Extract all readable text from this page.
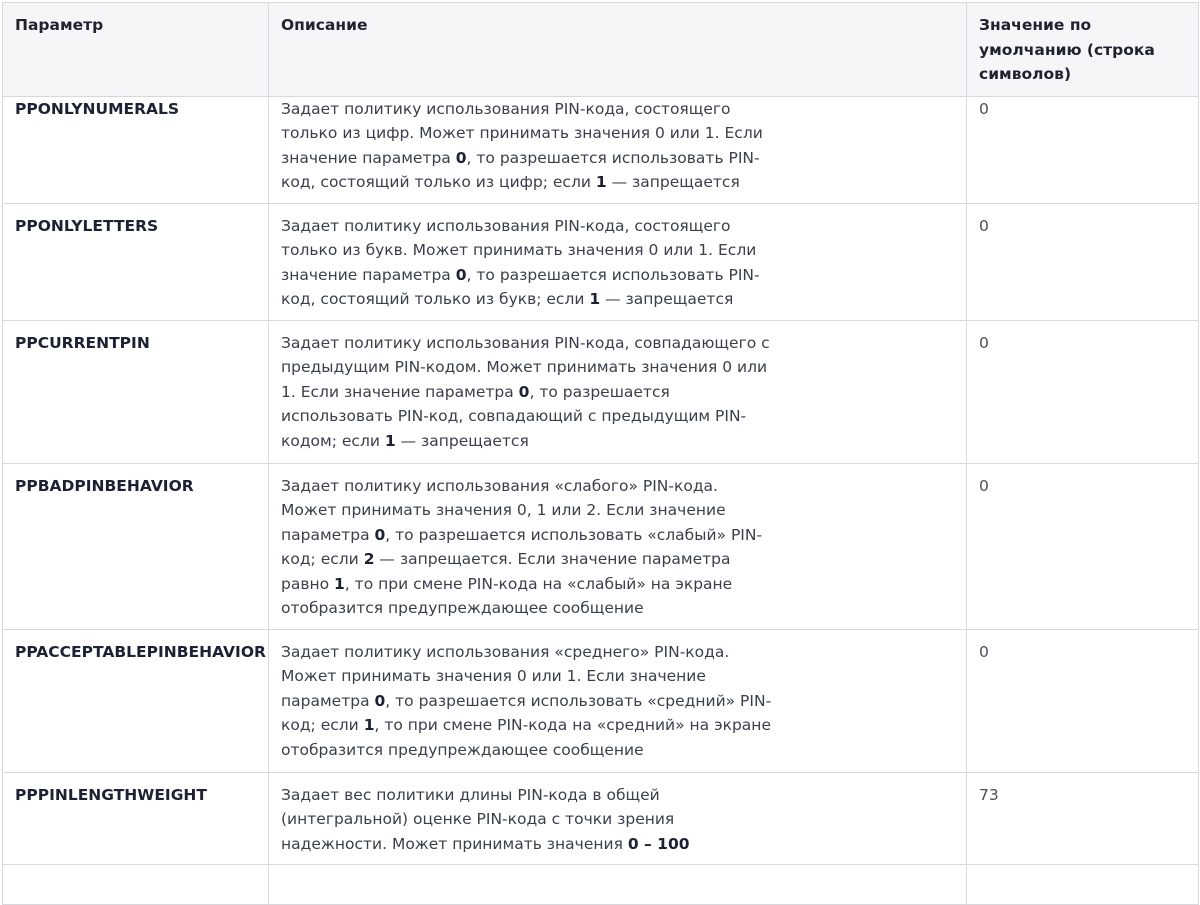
Параметр	Описание	Значение по умолчанию (строка символов)

PPONLYNUMERALS	Задает политику использования PIN-кода, состоящего только из цифр. Может принимать значения 0 или 1. Если значение параметра 0, то разрешается использовать PIN-код, состоящий только из цифр; если 1 — запрещается	0

PPONLYLETTERS	Задает политику использования PIN-кода, состоящего только из букв. Может принимать значения 0 или 1. Если значение параметра 0, то разрешается использовать PIN-код, состоящий только из букв; если 1 — запрещается	0

PPCURRENTPIN	Задает политику использования PIN-кода, совпадающего с предыдущим PIN-кодом. Может принимать значения 0 или 1. Если значение параметра 0, то разрешается использовать PIN-код, совпадающий с предыдущим PIN-кодом; если 1 — запрещается	0

PPBADPINBEHAVIOR	Задает политику использования «слабого» PIN-кода. Может принимать значения 0, 1 или 2. Если значение параметра 0, то разрешается использовать «слабый» PIN-код; если 2 — запрещается. Если значение параметра равно 1, то при смене PIN-кода на «слабый» на экране отобразится предупреждающее сообщение	0

PPACCEPTABLEPINBEHAVIOR	Задает политику использования «среднего» PIN-кода. Может принимать значения 0 или 1. Если значение параметра 0, то разрешается использовать «средний» PIN-код; если 1, то при смене PIN-кода на «средний» на экране отобразится предупреждающее сообщение	0

PPPINLENGTHWEIGHT	Задает вес политики длины PIN-кода в общей (интегральной) оценке PIN-кода с точки зрения надежности. Может принимать значения 0 – 100	73
